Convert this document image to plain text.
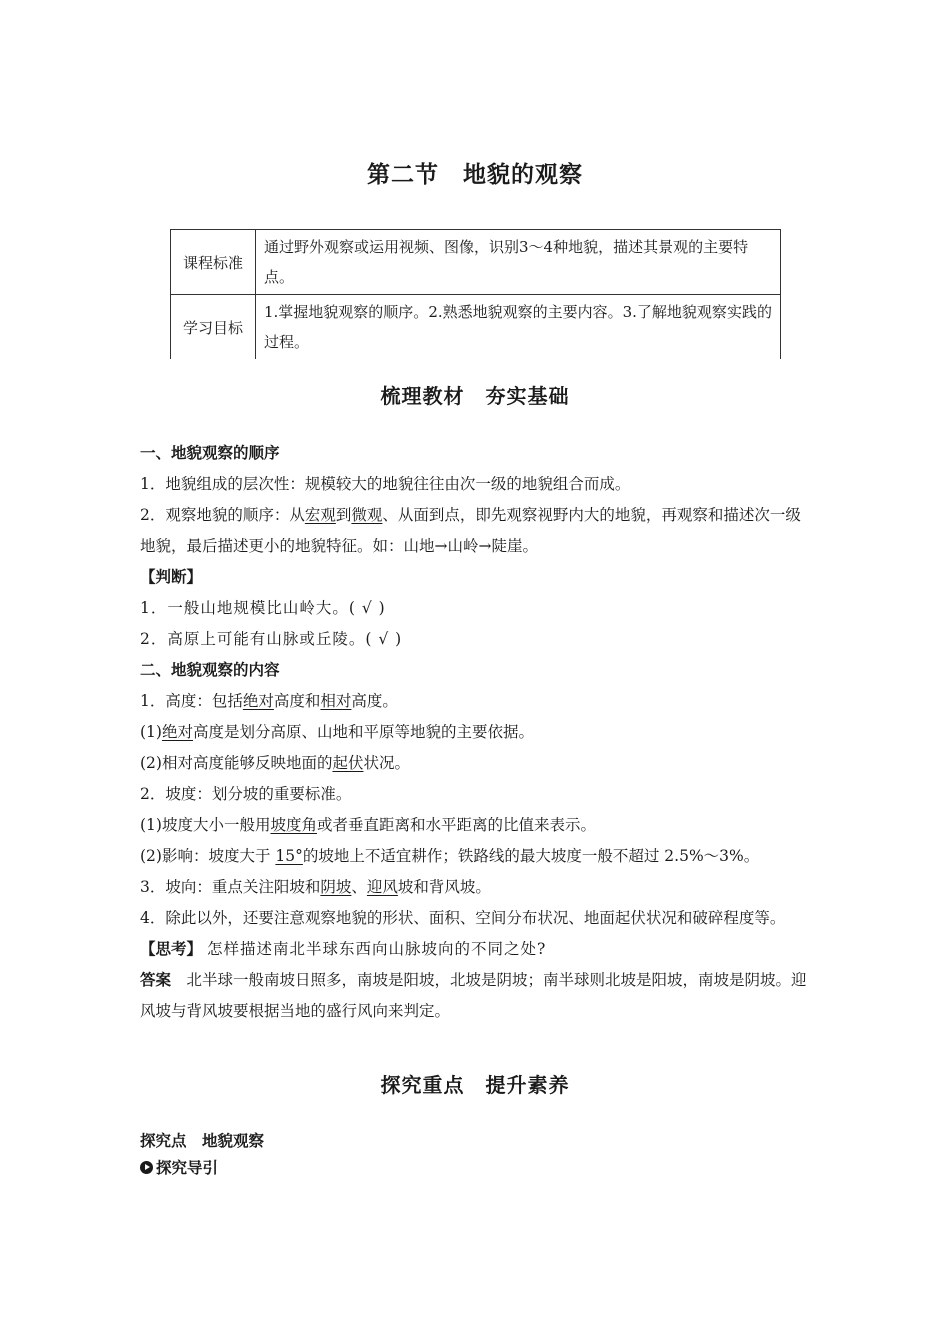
第二节　地貌的观察
课程标准	通过野外观察或运用视频、图像，识别3～4种地貌，描述其景观的主要特点。
学习目标	1.掌握地貌观察的顺序。2.熟悉地貌观察的主要内容。3.了解地貌观察实践的过程。
梳理教材　夯实基础
一、地貌观察的顺序
1．地貌组成的层次性：规模较大的地貌往往由次一级的地貌组合而成。
2．观察地貌的顺序：从宏观到微观、从面到点，即先观察视野内大的地貌，再观察和描述次一级地貌，最后描述更小的地貌特征。如：山地→山岭→陡崖。
【判断】
1．一般山地规模比山岭大。( √ )
2．高原上可能有山脉或丘陵。( √ )
二、地貌观察的内容
1．高度：包括绝对高度和相对高度。
(1)绝对高度是划分高原、山地和平原等地貌的主要依据。
(2)相对高度能够反映地面的起伏状况。
2．坡度：划分坡的重要标准。
(1)坡度大小一般用坡度角或者垂直距离和水平距离的比值来表示。
(2)影响：坡度大于 15°的坡地上不适宜耕作；铁路线的最大坡度一般不超过 2.5%～3%。
3．坡向：重点关注阳坡和阴坡、迎风坡和背风坡。
4．除此以外，还要注意观察地貌的形状、面积、空间分布状况、地面起伏状况和破碎程度等。
【思考】 怎样描述南北半球东西向山脉坡向的不同之处?
答案　 北半球一般南坡日照多，南坡是阳坡，北坡是阴坡；南半球则北坡是阳坡，南坡是阴坡。迎风坡与背风坡要根据当地的盛行风向来判定。
探究重点　提升素养
探究点　地貌观察
探究导引
